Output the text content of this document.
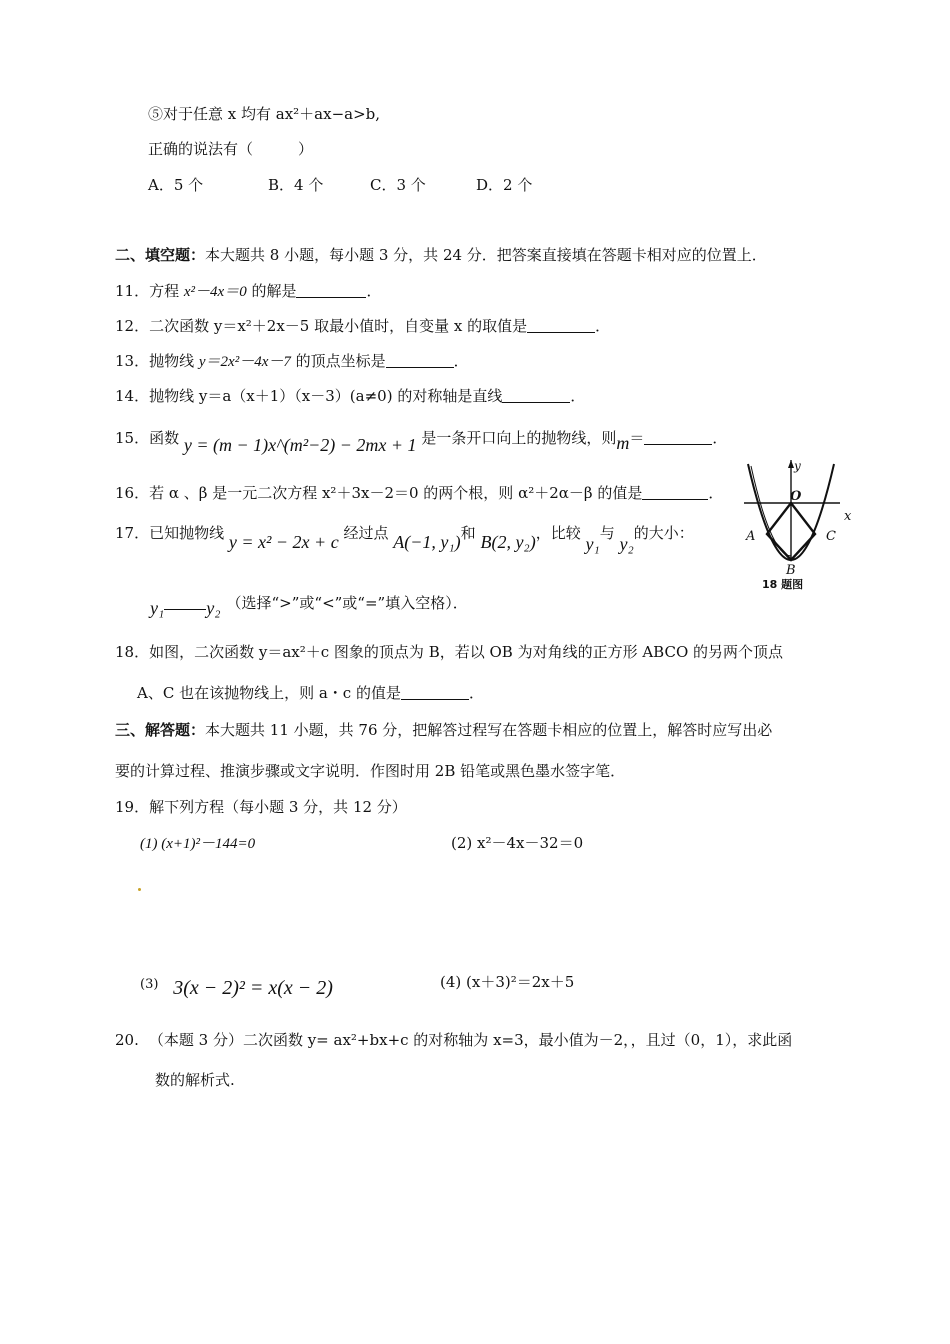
⑤对于任意 x 均有 ax²＋ax−a>b,
正确的说法有（　　　）
A．5 个	B．4 个	C．3 个	D．2 个
二、填空题：本大题共 8 小题，每小题 3 分，共 24 分．把答案直接填在答题卡相对应的位置上．
11．方程 x²－4x＝0 的解是	．
12．二次函数 y＝x²＋2x－5 取最小值时，自变量 x 的取值是	．
13．抛物线 y＝2x²－4x－7 的顶点坐标是	．
14．抛物线 y＝a（x＋1）（x－3）(a≠0) 的对称轴是直线	．
15．函数 y = (m − 1)x^(m²−2) − 2mx + 1 是一条开口向上的抛物线，则m＝	．
16．若 α 、β 是一元二次方程 x²＋3x－2＝0 的两个根，则 α²＋2α－β 的值是	．
17．已知抛物线 y = x² − 2x + c 经过点 A(−1, y₁)和 B(2, y₂)，比较 y₁与 y₂的大小：
y₁ y₂ （选择“>”或“<”或“=”填入空格）．
y
x
O
A
B
C
18 题图
18．如图，二次函数 y＝ax²＋c 图象的顶点为 B，若以 OB 为对角线的正方形 ABCO 的另两个顶点
A、C 也在该抛物线上，则 a・c 的值是	．
三、解答题：本大题共 11 小题，共 76 分，把解答过程写在答题卡相应的位置上，解答时应写出必
要的计算过程、推演步骤或文字说明．作图时用 2B 铅笔或黑色墨水签字笔．
19．解下列方程（每小题 3 分，共 12 分）
(1) (x+1)²－144=0	(2) x²－4x－32＝0
(3) 3(x − 2)² = x(x − 2)	(4) (x＋3)²＝2x＋5
20. （本题 3 分）二次函数 y= ax²+bx+c 的对称轴为 x=3，最小值为－2，，且过（0，1），求此函
数的解析式.
